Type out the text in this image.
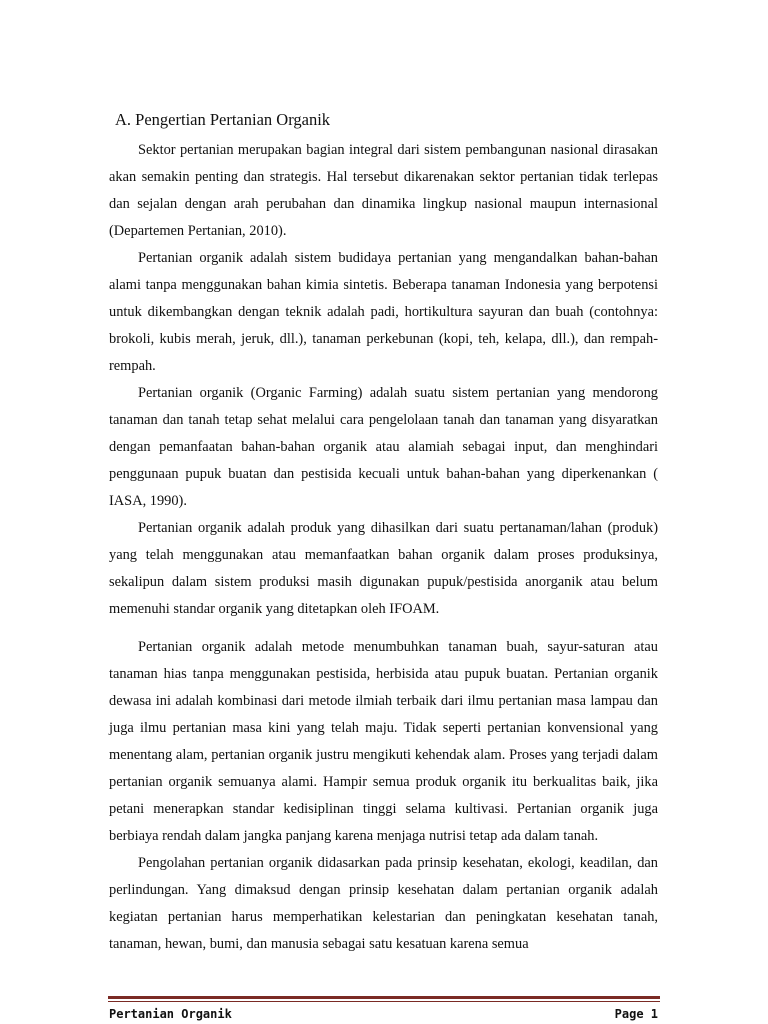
A. Pengertian Pertanian Organik

Sektor pertanian merupakan bagian integral dari sistem pembangunan nasional dirasakan akan semakin penting dan strategis. Hal tersebut dikarenakan sektor pertanian tidak terlepas dan sejalan dengan arah perubahan dan dinamika lingkup nasional maupun internasional (Departemen Pertanian, 2010).

Pertanian organik adalah sistem budidaya pertanian yang mengandalkan bahan-bahan alami tanpa menggunakan bahan kimia sintetis. Beberapa tanaman Indonesia yang berpotensi untuk dikembangkan dengan teknik adalah padi, hortikultura sayuran dan buah (contohnya: brokoli, kubis merah, jeruk, dll.), tanaman perkebunan (kopi, teh, kelapa, dll.), dan rempah-rempah.

Pertanian organik (Organic Farming) adalah suatu sistem pertanian yang mendorong tanaman dan tanah tetap sehat melalui cara pengelolaan tanah dan tanaman yang disyaratkan dengan pemanfaatan bahan-bahan organik atau alamiah sebagai input, dan menghindari penggunaan pupuk buatan dan pestisida kecuali untuk bahan-bahan yang diperkenankan ( IASA, 1990).

Pertanian organik adalah produk yang dihasilkan dari suatu pertanaman/lahan (produk) yang telah menggunakan atau memanfaatkan bahan organik dalam proses produksinya, sekalipun dalam sistem produksi masih digunakan pupuk/pestisida anorganik atau belum memenuhi standar organik yang ditetapkan oleh IFOAM.

Pertanian organik adalah metode menumbuhkan tanaman buah, sayur-saturan atau tanaman hias tanpa menggunakan pestisida, herbisida atau pupuk buatan. Pertanian organik dewasa ini adalah kombinasi dari metode ilmiah terbaik dari ilmu pertanian masa lampau dan juga ilmu pertanian masa kini yang telah maju. Tidak seperti pertanian konvensional yang menentang alam, pertanian organik justru mengikuti kehendak alam. Proses yang terjadi dalam pertanian organik semuanya alami. Hampir semua produk organik itu berkualitas baik, jika petani menerapkan standar kedisiplinan tinggi selama kultivasi. Pertanian organik juga berbiaya rendah dalam jangka panjang karena menjaga nutrisi tetap ada dalam tanah.

Pengolahan pertanian organik didasarkan pada prinsip kesehatan, ekologi, keadilan, dan perlindungan. Yang dimaksud dengan prinsip kesehatan dalam pertanian organik adalah kegiatan pertanian harus memperhatikan kelestarian dan peningkatan kesehatan tanah, tanaman, hewan, bumi, dan manusia sebagai satu kesatuan karena semua

Pertanian Organik	Page 1
